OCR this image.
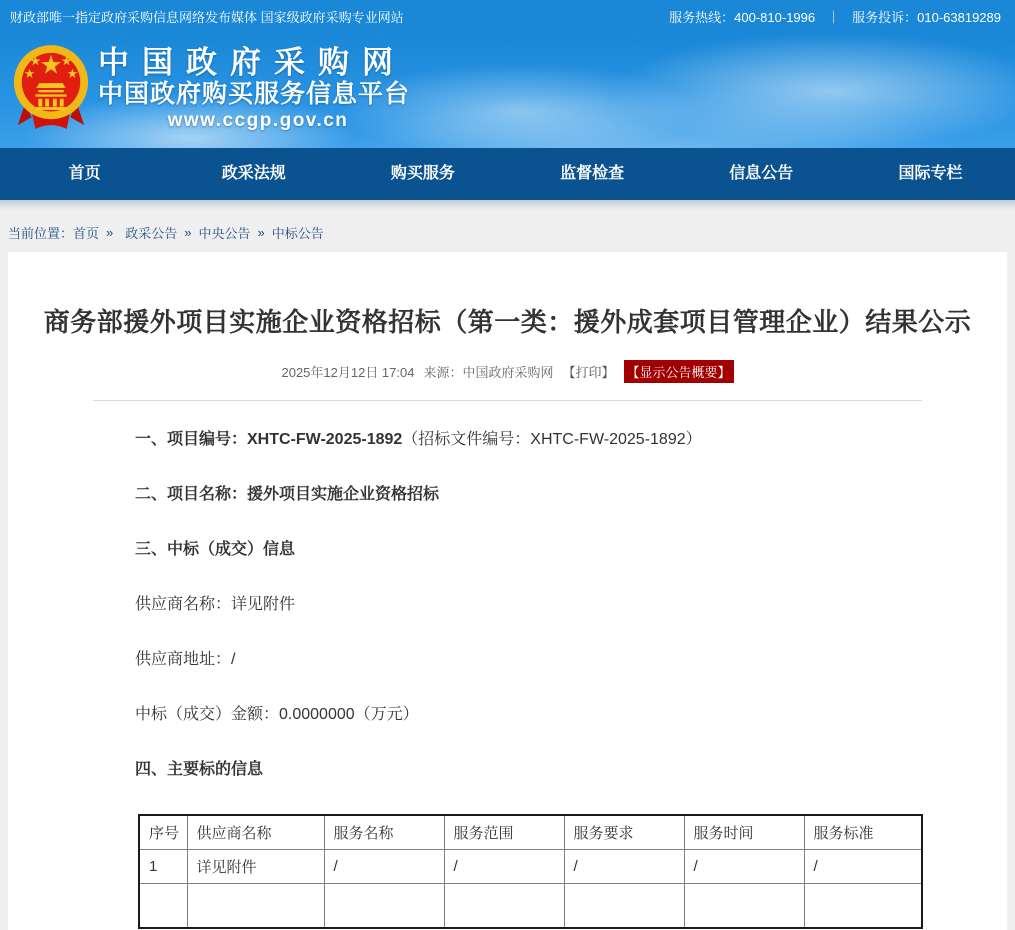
财政部唯一指定政府采购信息网络发布媒体 国家级政府采购专业网站	服务热线：400-810-1996 ｜ 服务投诉：010-63819289
中国政府采购网
中国政府购买服务信息平台
www.ccgp.gov.cn
首页	政采法规	购买服务	监督检查	信息公告	国际专栏
当前位置： 首页 » 政采公告 » 中央公告 » 中标公告
商务部援外项目实施企业资格招标（第一类：援外成套项目管理企业）结果公示
2025年12月12日 17:04 来源：中国政府采购网 【打印】 【显示公告概要】

一、项目编号：XHTC-FW-2025-1892（招标文件编号：XHTC-FW-2025-1892）

二、项目名称：援外项目实施企业资格招标

三、中标（成交）信息

供应商名称：详见附件

供应商地址：/

中标（成交）金额：0.0000000（万元）

四、主要标的信息

序号	供应商名称	服务名称	服务范围	服务要求	服务时间	服务标准
1	详见附件	/	/	/	/	/
